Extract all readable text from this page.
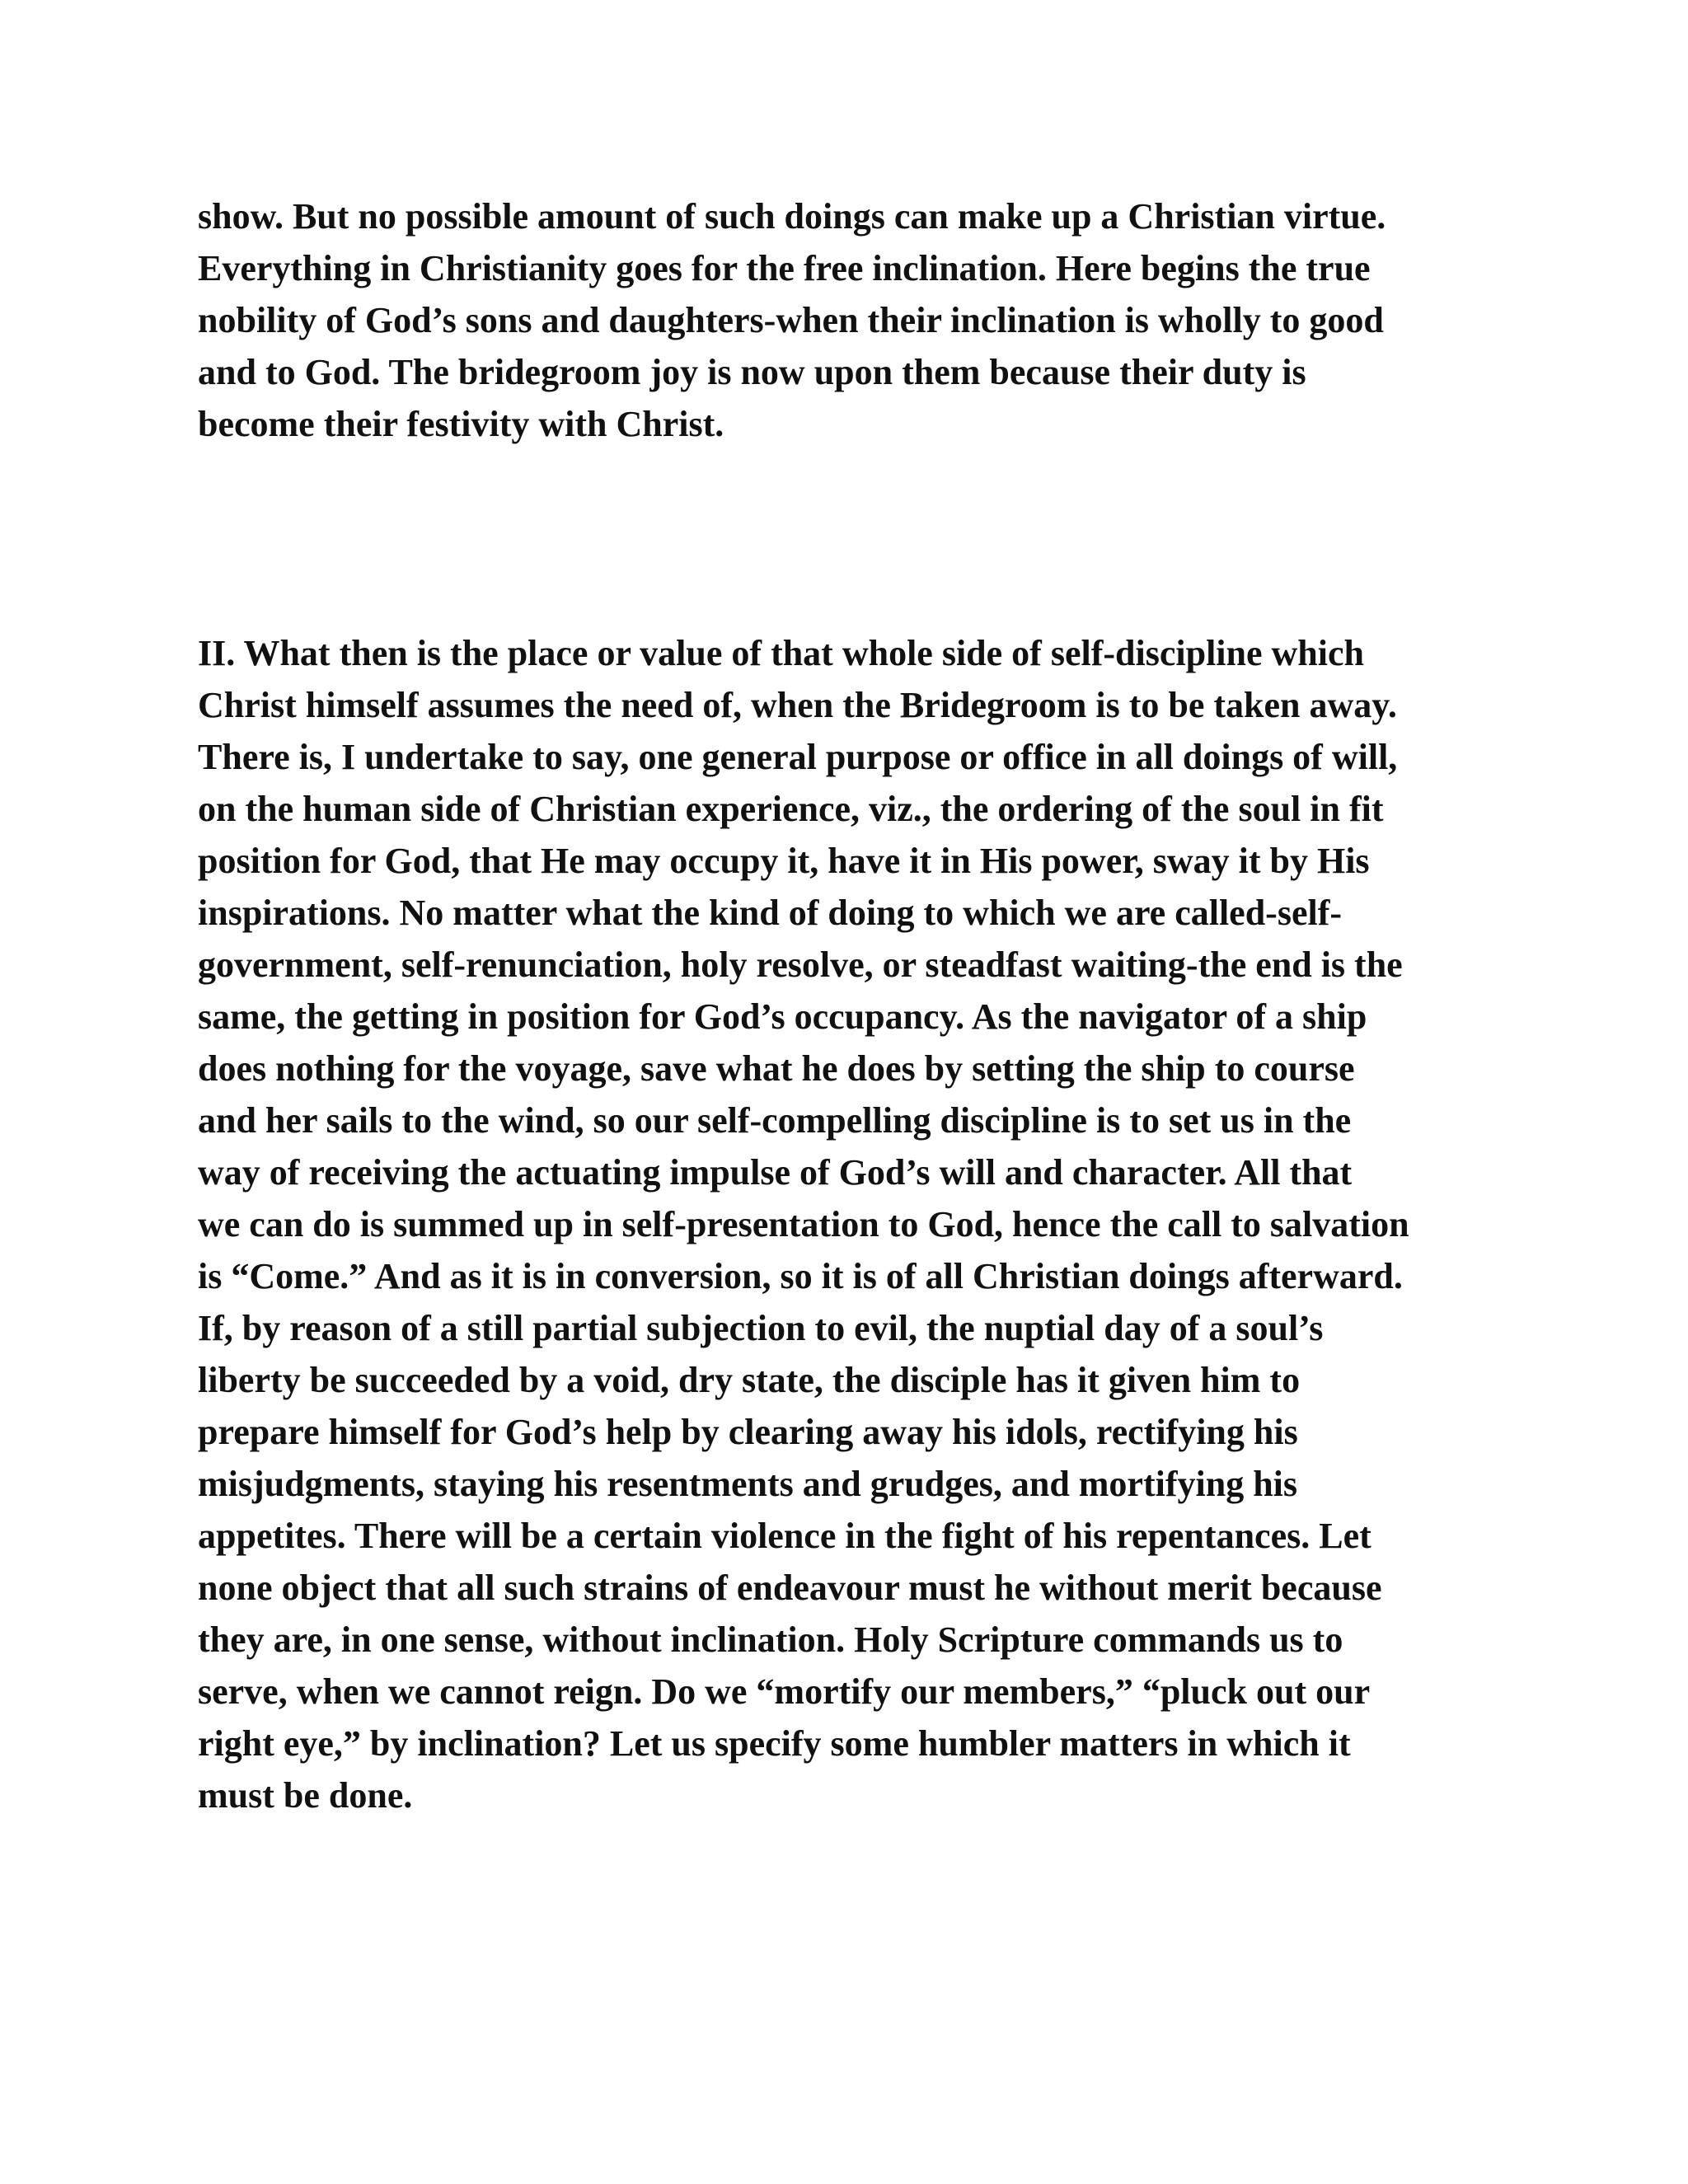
show. But no possible amount of such doings can make up a Christian virtue.
Everything in Christianity goes for the free inclination. Here begins the true
nobility of God’s sons and daughters-when their inclination is wholly to good
and to God. The bridegroom joy is now upon them because their duty is
become their festivity with Christ.
II. What then is the place or value of that whole side of self-discipline which
Christ himself assumes the need of, when the Bridegroom is to be taken away.
There is, I undertake to say, one general purpose or office in all doings of will,
on the human side of Christian experience, viz., the ordering of the soul in fit
position for God, that He may occupy it, have it in His power, sway it by His
inspirations. No matter what the kind of doing to which we are called-self-
government, self-renunciation, holy resolve, or steadfast waiting-the end is the
same, the getting in position for God’s occupancy. As the navigator of a ship
does nothing for the voyage, save what he does by setting the ship to course
and her sails to the wind, so our self-compelling discipline is to set us in the
way of receiving the actuating impulse of God’s will and character. All that
we can do is summed up in self-presentation to God, hence the call to salvation
is “Come.” And as it is in conversion, so it is of all Christian doings afterward.
If, by reason of a still partial subjection to evil, the nuptial day of a soul’s
liberty be succeeded by a void, dry state, the disciple has it given him to
prepare himself for God’s help by clearing away his idols, rectifying his
misjudgments, staying his resentments and grudges, and mortifying his
appetites. There will be a certain violence in the fight of his repentances. Let
none object that all such strains of endeavour must he without merit because
they are, in one sense, without inclination. Holy Scripture commands us to
serve, when we cannot reign. Do we “mortify our members,” “pluck out our
right eye,” by inclination? Let us specify some humbler matters in which it
must be done.
